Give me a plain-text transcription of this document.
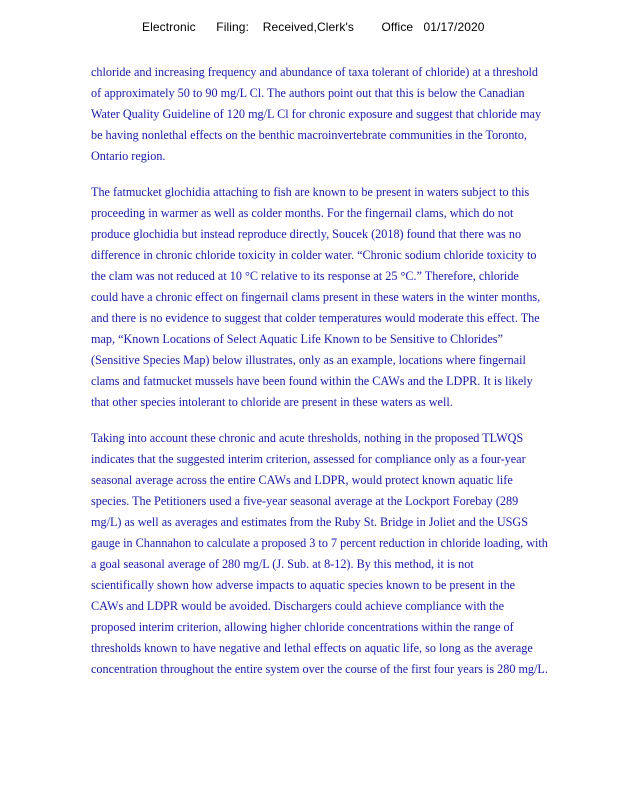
Electronic      Filing:    Received,Clerk's        Office   01/17/2020

chloride and increasing frequency and abundance of taxa tolerant of chloride) at a threshold
of approximately 50 to 90 mg/L Cl. The authors point out that this is below the Canadian
Water Quality Guideline of 120 mg/L Cl for chronic exposure and suggest that chloride may
be having nonlethal effects on the benthic macroinvertebrate communities in the Toronto,
Ontario region.

The fatmucket glochidia attaching to fish are known to be present in waters subject to this
proceeding in warmer as well as colder months. For the fingernail clams, which do not
produce glochidia but instead reproduce directly, Soucek (2018) found that there was no
difference in chronic chloride toxicity in colder water. “Chronic sodium chloride toxicity to
the clam was not reduced at 10 °C relative to its response at 25 °C.” Therefore, chloride
could have a chronic effect on fingernail clams present in these waters in the winter months,
and there is no evidence to suggest that colder temperatures would moderate this effect. The
map, “Known Locations of Select Aquatic Life Known to be Sensitive to Chlorides”
(Sensitive Species Map) below illustrates, only as an example, locations where fingernail
clams and fatmucket mussels have been found within the CAWs and the LDPR. It is likely
that other species intolerant to chloride are present in these waters as well.

Taking into account these chronic and acute thresholds, nothing in the proposed TLWQS
indicates that the suggested interim criterion, assessed for compliance only as a four-year
seasonal average across the entire CAWs and LDPR, would protect known aquatic life
species. The Petitioners used a five-year seasonal average at the Lockport Forebay (289
mg/L) as well as averages and estimates from the Ruby St. Bridge in Joliet and the USGS
gauge in Channahon to calculate a proposed 3 to 7 percent reduction in chloride loading, with
a goal seasonal average of 280 mg/L (J. Sub. at 8-12). By this method, it is not
scientifically shown how adverse impacts to aquatic species known to be present in the
CAWs and LDPR would be avoided. Dischargers could achieve compliance with the
proposed interim criterion, allowing higher chloride concentrations within the range of
thresholds known to have negative and lethal effects on aquatic life, so long as the average
concentration throughout the entire system over the course of the first four years is 280 mg/L.
